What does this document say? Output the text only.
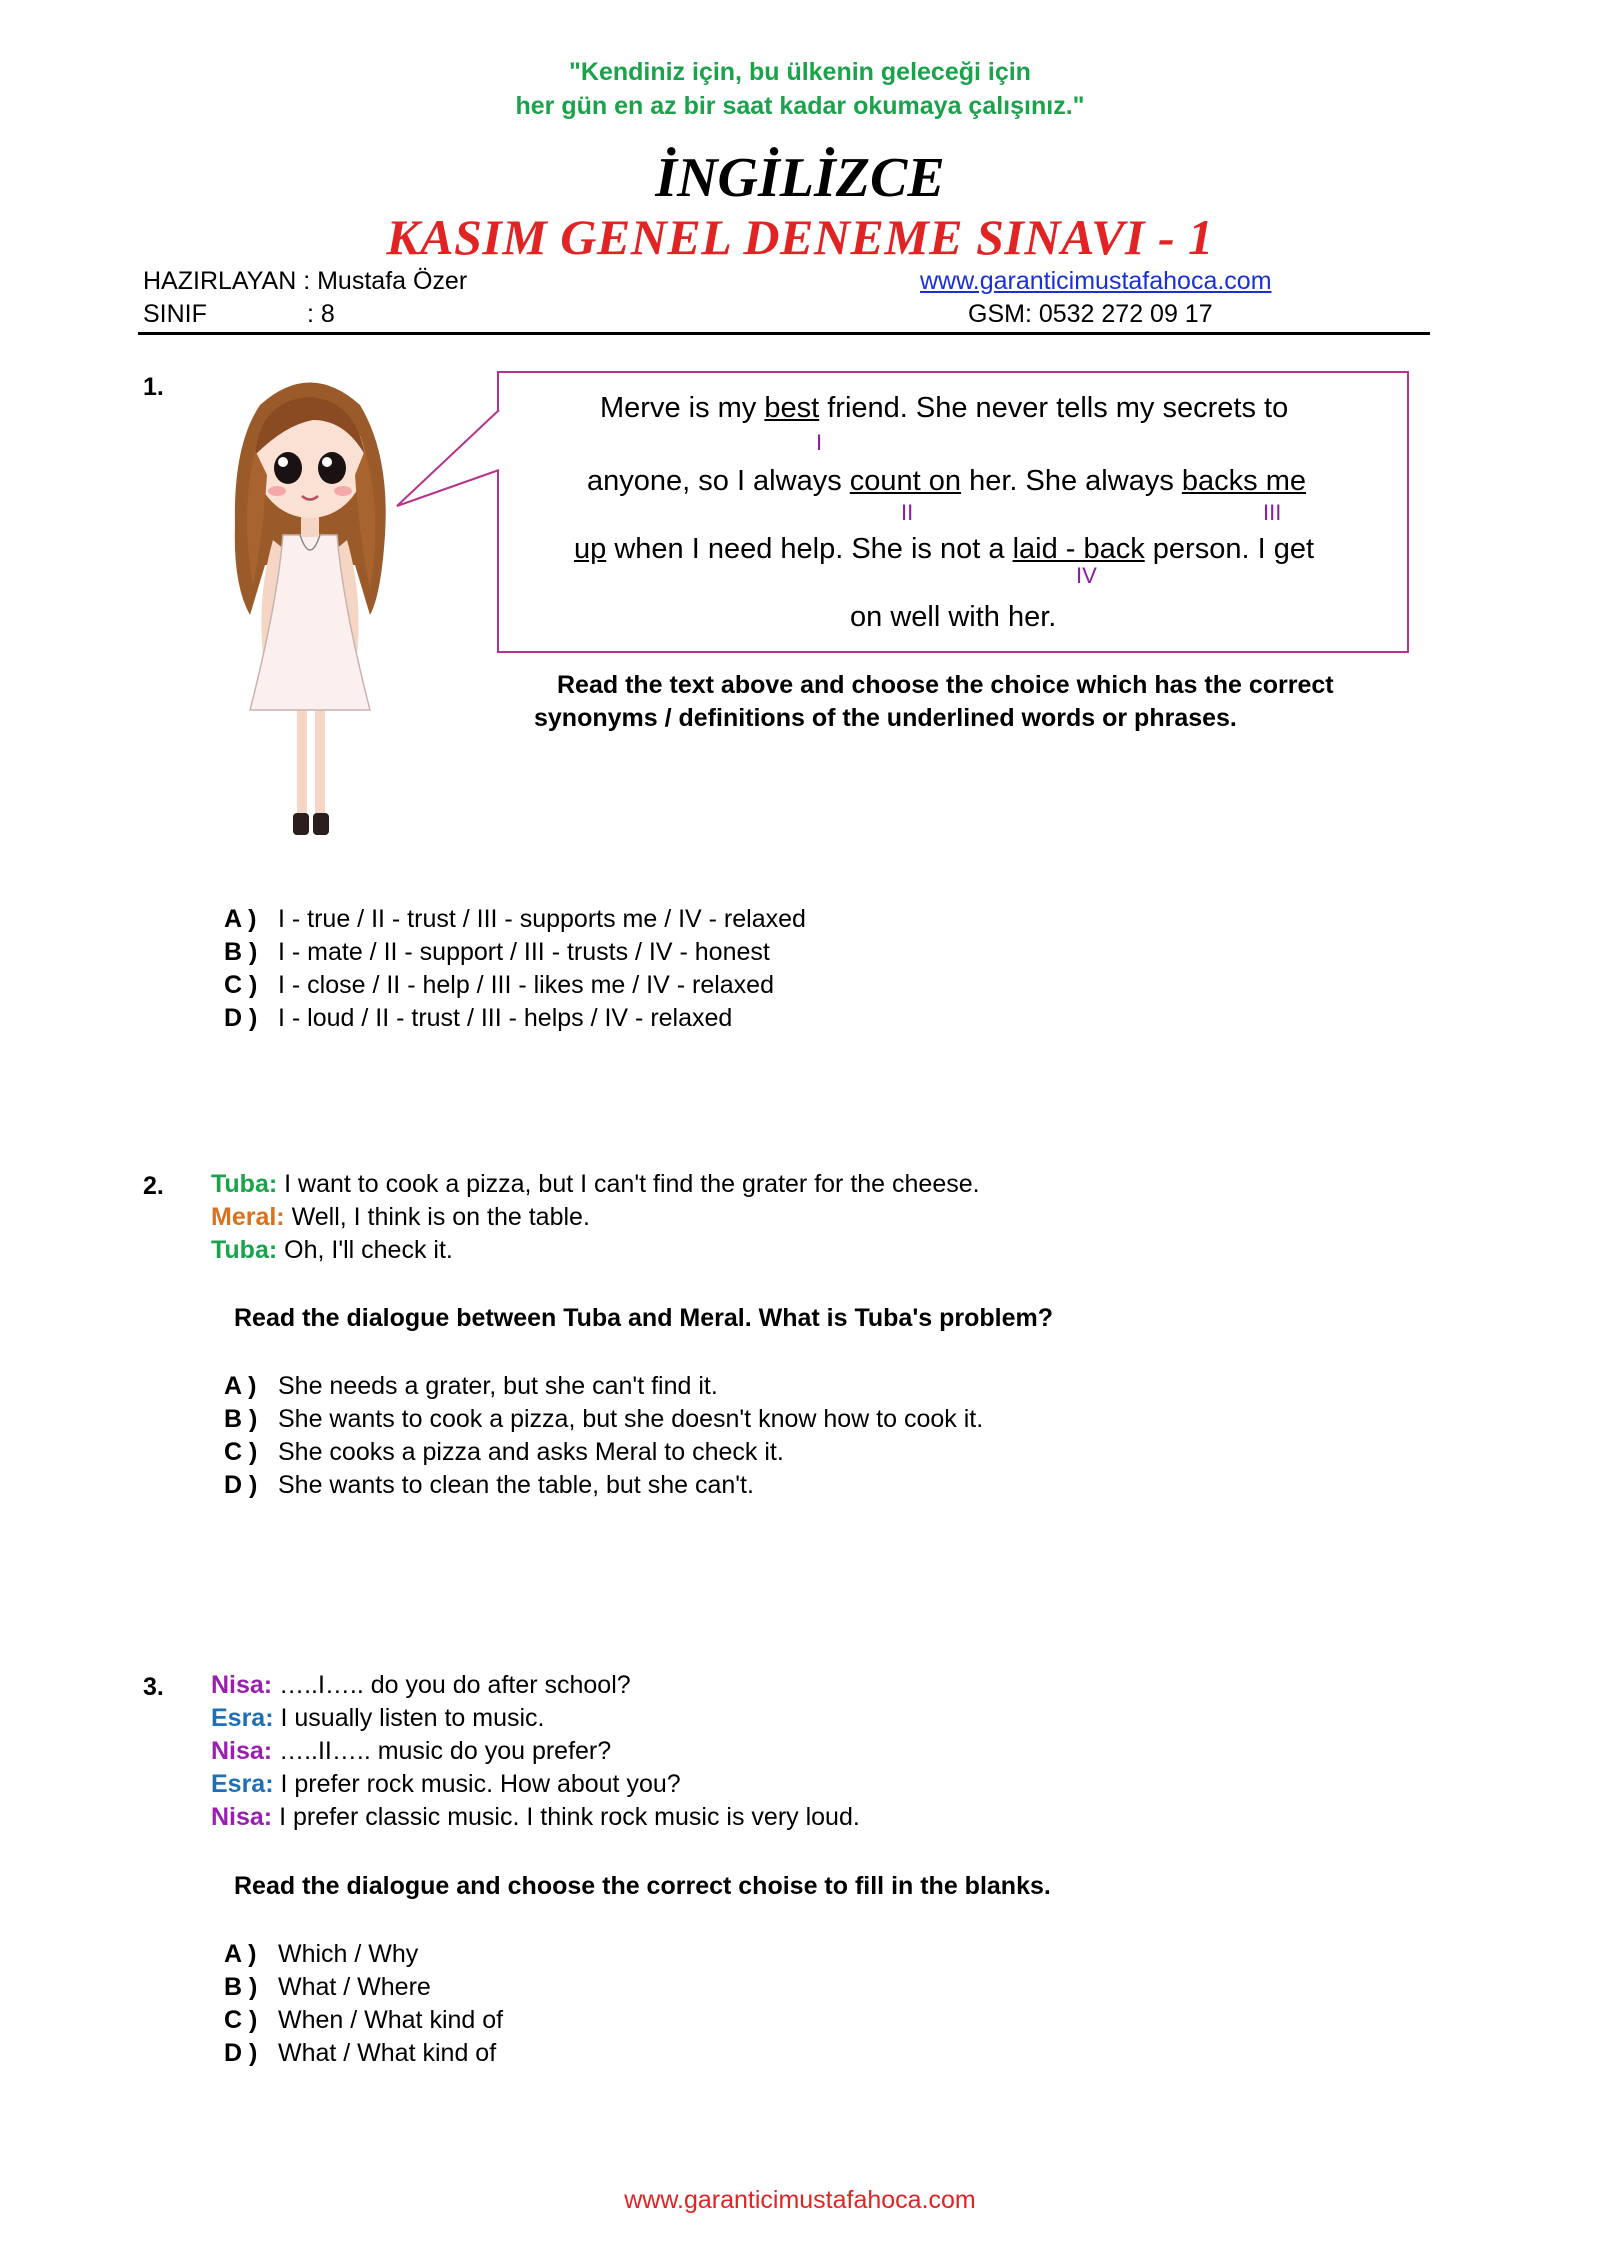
"Kendiniz için, bu ülkenin geleceği için
her gün en az bir saat kadar okumaya çalışınız."
İNGİLİZCE
KASIM GENEL DENEME SINAVI - 1
HAZIRLAYAN : Mustafa Özer
SINIF	: 8
www.garanticimustafahoca.com
GSM: 0532 272 09 17
1.
Merve is my best friend. She never tells my secrets to
I
anyone, so I always count on her. She always backs me
II	III
up when I need help. She is not a laid - back person. I get
IV
on well with her.
Read the text above and choose the choice which has the correct
synonyms / definitions of the underlined words or phrases.
A ) I - true / II - trust / III - supports me / IV - relaxed
B ) I - mate / II - support / III - trusts / IV - honest
C ) I - close / II - help / III - likes me / IV - relaxed
D ) I - loud / II - trust / III - helps / IV - relaxed
2. Tuba: I want to cook a pizza, but I can't find the grater for the cheese.
Meral: Well, I think is on the table.
Tuba: Oh, I'll check it.
Read the dialogue between Tuba and Meral. What is Tuba's problem?
A ) She needs a grater, but she can't find it.
B ) She wants to cook a pizza, but she doesn't know how to cook it.
C ) She cooks a pizza and asks Meral to check it.
D ) She wants to clean the table, but she can't.
3. Nisa: …..I….. do you do after school?
Esra: I usually listen to music.
Nisa: …..II….. music do you prefer?
Esra: I prefer rock music. How about you?
Nisa: I prefer classic music. I think rock music is very loud.
Read the dialogue and choose the correct choise to fill in the blanks.
A ) Which / Why
B ) What / Where
C ) When / What kind of
D ) What / What kind of
www.garanticimustafahoca.com
